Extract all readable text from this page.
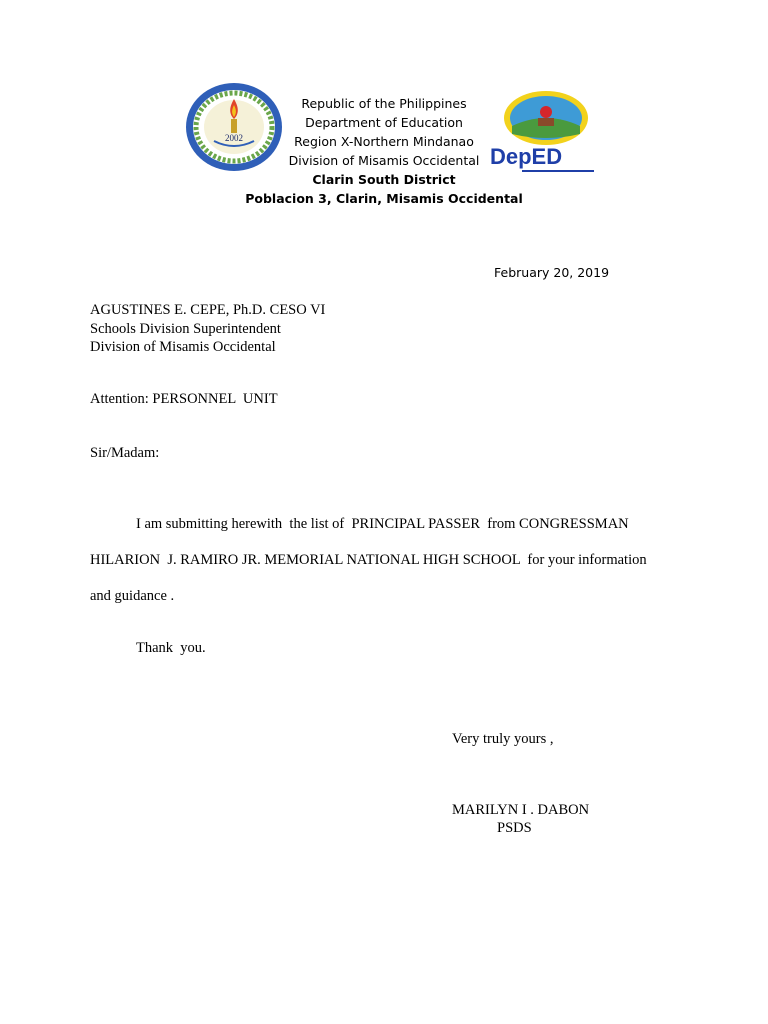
2002
Republic of the Philippines
Department of Education
Region X-Northern Mindanao
Division of Misamis Occidental
Clarin South District
Poblacion 3, Clarin, Misamis Occidental
DepED
February 20, 2019
AGUSTINES E. CEPE, Ph.D. CESO VI
Schools Division Superintendent
Division of Misamis Occidental
Attention: PERSONNEL  UNIT
Sir/Madam:
I am submitting herewith  the list of  PRINCIPAL PASSER  from CONGRESSMAN
HILARION  J. RAMIRO JR. MEMORIAL NATIONAL HIGH SCHOOL  for your information
and guidance .
Thank  you.
Very truly yours ,
MARILYN I . DABON
PSDS
